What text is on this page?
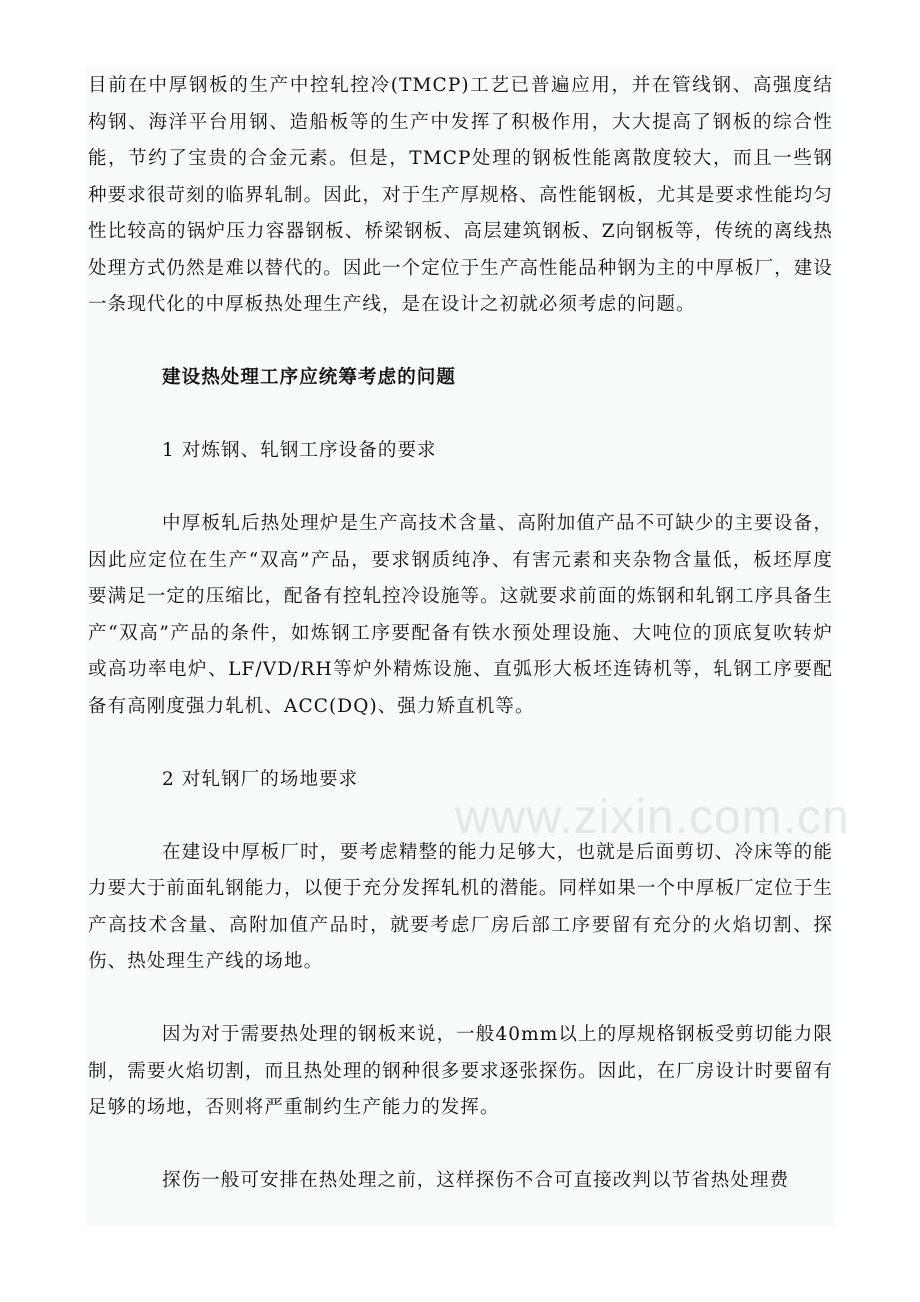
目前在中厚钢板的生产中控轧控冷(TMCP)工艺已普遍应用，并在管线钢、高强度结构钢、海洋平台用钢、造船板等的生产中发挥了积极作用，大大提高了钢板的综合性能，节约了宝贵的合金元素。但是，TMCP处理的钢板性能离散度较大，而且一些钢种要求很苛刻的临界轧制。因此，对于生产厚规格、高性能钢板，尤其是要求性能均匀性比较高的锅炉压力容器钢板、桥梁钢板、高层建筑钢板、Z向钢板等，传统的离线热处理方式仍然是难以替代的。因此一个定位于生产高性能品种钢为主的中厚板厂，建设一条现代化的中厚板热处理生产线，是在设计之初就必须考虑的问题。

建设热处理工序应统筹考虑的问题

1 对炼钢、轧钢工序设备的要求

中厚板轧后热处理炉是生产高技术含量、高附加值产品不可缺少的主要设备，因此应定位在生产“双高”产品，要求钢质纯净、有害元素和夹杂物含量低，板坯厚度要满足一定的压缩比，配备有控轧控冷设施等。这就要求前面的炼钢和轧钢工序具备生产“双高”产品的条件，如炼钢工序要配备有铁水预处理设施、大吨位的顶底复吹转炉或高功率电炉、LF/VD/RH等炉外精炼设施、直弧形大板坯连铸机等，轧钢工序要配备有高刚度强力轧机、ACC(DQ)、强力矫直机等。

2 对轧钢厂的场地要求

在建设中厚板厂时，要考虑精整的能力足够大，也就是后面剪切、冷床等的能力要大于前面轧钢能力，以便于充分发挥轧机的潜能。同样如果一个中厚板厂定位于生产高技术含量、高附加值产品时，就要考虑厂房后部工序要留有充分的火焰切割、探伤、热处理生产线的场地。

因为对于需要热处理的钢板来说，一般40mm以上的厚规格钢板受剪切能力限制，需要火焰切割，而且热处理的钢种很多要求逐张探伤。因此，在厂房设计时要留有足够的场地，否则将严重制约生产能力的发挥。

探伤一般可安排在热处理之前，这样探伤不合可直接改判以节省热处理费

www.zixin.com.cn
